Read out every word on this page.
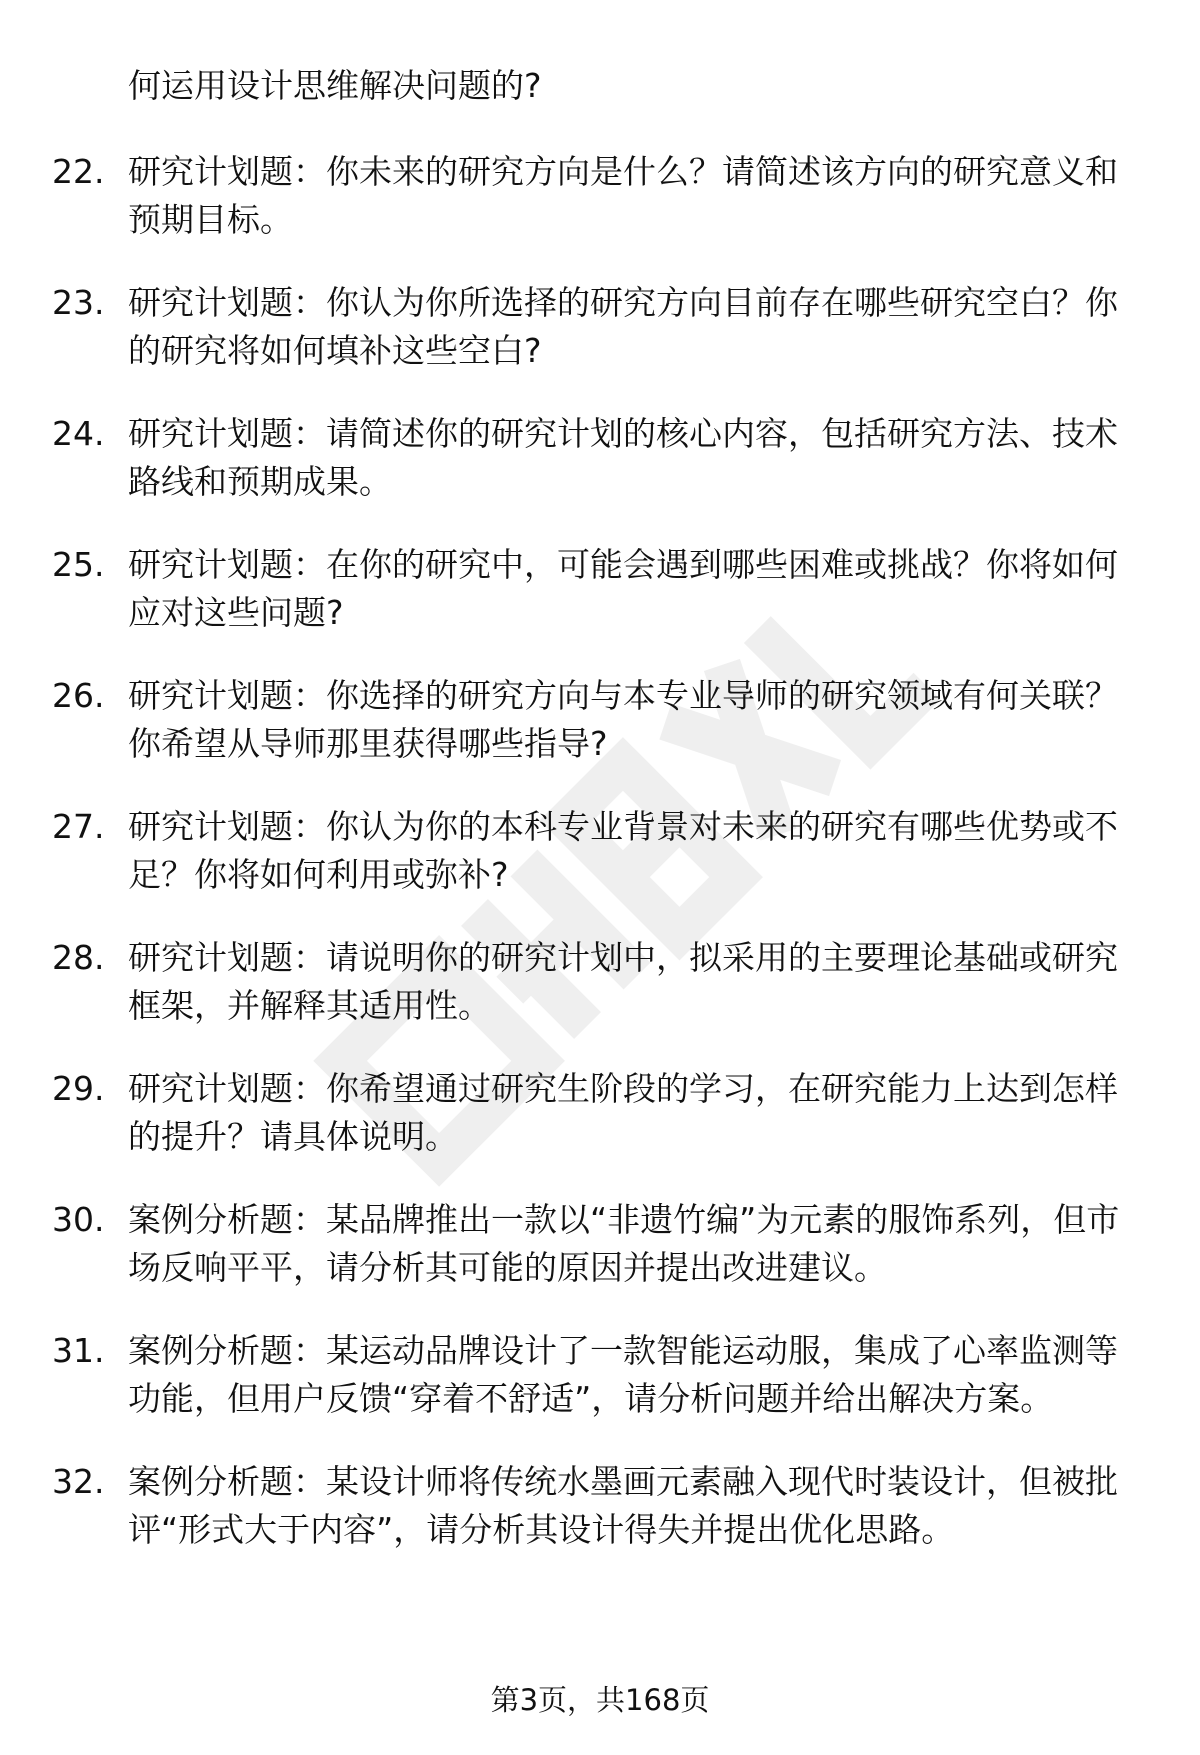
何运用设计思维解决问题的?
22. 研究计划题：你未来的研究方向是什么？请简述该方向的研究意义和预期目标。
23. 研究计划题：你认为你所选择的研究方向目前存在哪些研究空白？你的研究将如何填补这些空白?
24. 研究计划题：请简述你的研究计划的核心内容，包括研究方法、技术路线和预期成果。
25. 研究计划题：在你的研究中，可能会遇到哪些困难或挑战？你将如何应对这些问题?
26. 研究计划题：你选择的研究方向与本专业导师的研究领域有何关联？你希望从导师那里获得哪些指导?
27. 研究计划题：你认为你的本科专业背景对未来的研究有哪些优势或不足？你将如何利用或弥补?
28. 研究计划题：请说明你的研究计划中，拟采用的主要理论基础或研究框架，并解释其适用性。
29. 研究计划题：你希望通过研究生阶段的学习，在研究能力上达到怎样的提升？请具体说明。
30. 案例分析题：某品牌推出一款以“非遗竹编”为元素的服饰系列，但市场反响平平，请分析其可能的原因并提出改进建议。
31. 案例分析题：某运动品牌设计了一款智能运动服，集成了心率监测等功能，但用户反馈“穿着不舒适”，请分析问题并给出解决方案。
32. 案例分析题：某设计师将传统水墨画元素融入现代时装设计，但被批评“形式大于内容”，请分析其设计得失并提出优化思路。
第3页，共168页
